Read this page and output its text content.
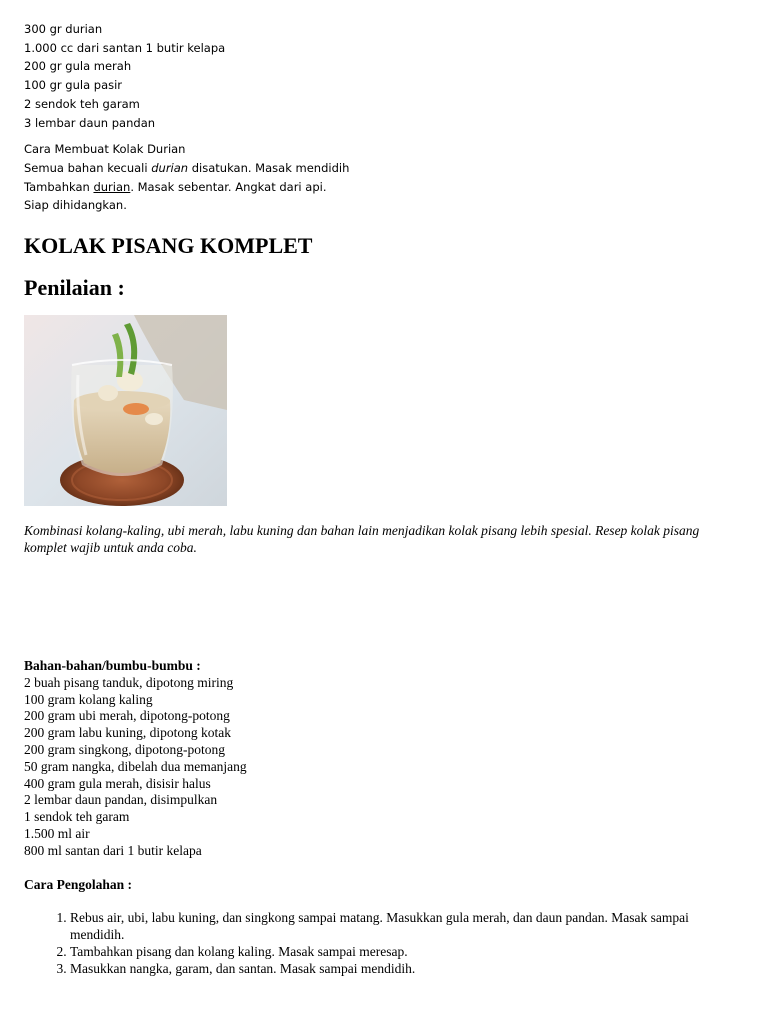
300 gr durian
1.000 cc dari santan 1 butir kelapa
200 gr gula merah
100 gr gula pasir
2 sendok teh garam
3 lembar daun pandan
Cara Membuat Kolak Durian
Semua bahan kecuali durian disatukan. Masak mendidih
Tambahkan durian. Masak sebentar. Angkat dari api.
Siap dihidangkan.
KOLAK PISANG KOMPLET
Penilaian :
Kombinasi kolang-kaling, ubi merah, labu kuning dan bahan lain menjadikan kolak pisang lebih spesial. Resep kolak pisang komplet wajib untuk anda coba.
Bahan-bahan/bumbu-bumbu :
2 buah pisang tanduk, dipotong miring
100 gram kolang kaling
200 gram ubi merah, dipotong-potong
200 gram labu kuning, dipotong kotak
200 gram singkong, dipotong-potong
50 gram nangka, dibelah dua memanjang
400 gram gula merah, disisir halus
2 lembar daun pandan, disimpulkan
1 sendok teh garam
1.500 ml air
800 ml santan dari 1 butir kelapa
Cara Pengolahan :
1. Rebus air, ubi, labu kuning, dan singkong sampai matang. Masukkan gula merah, dan daun pandan. Masak sampai mendidih.
2. Tambahkan pisang dan kolang kaling. Masak sampai meresap.
3. Masukkan nangka, garam, dan santan. Masak sampai mendidih.
